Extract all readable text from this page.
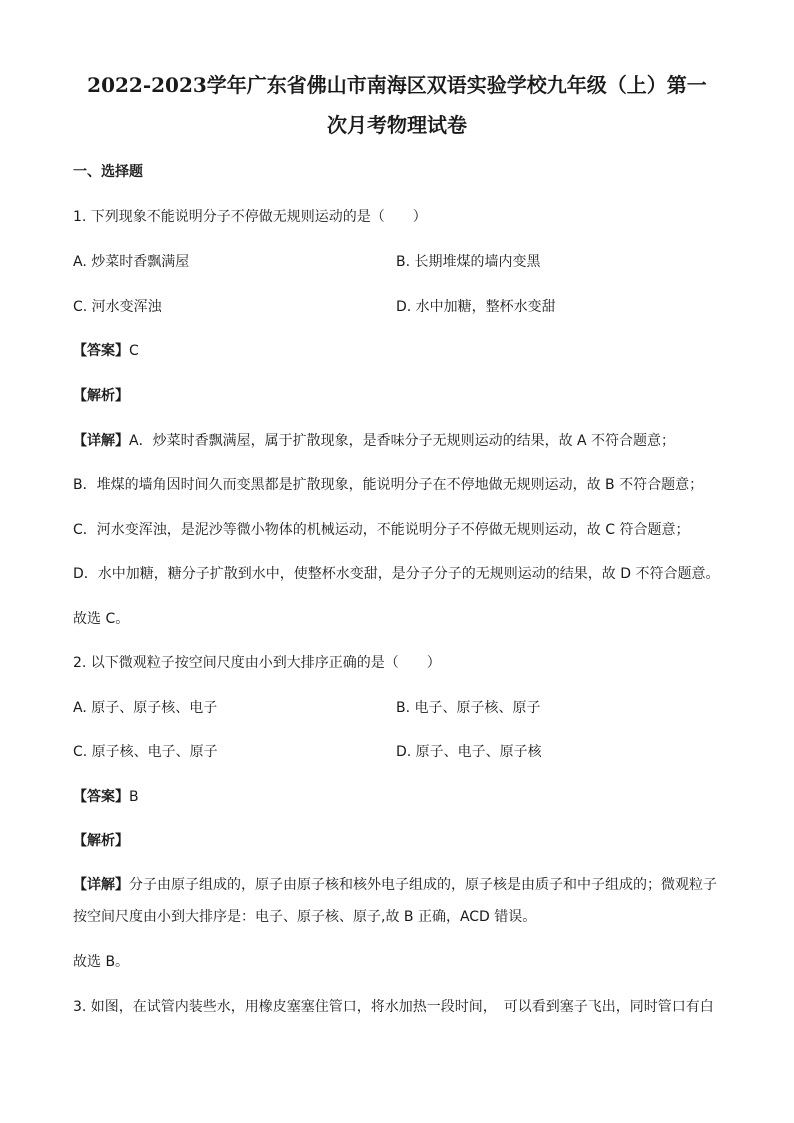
2022-2023学年广东省佛山市南海区双语实验学校九年级（上）第一
次月考物理试卷
一、选择题
1. 下列现象不能说明分子不停做无规则运动的是（　　）
A. 炒菜时香飘满屋	B. 长期堆煤的墙内变黑
C. 河水变浑浊	D. 水中加糖，整杯水变甜
【答案】C
【解析】
【详解】A．炒菜时香飘满屋，属于扩散现象，是香味分子无规则运动的结果，故 A 不符合题意；
B．堆煤的墙角因时间久而变黑都是扩散现象，能说明分子在不停地做无规则运动，故 B 不符合题意；
C．河水变浑浊，是泥沙等微小物体的机械运动，不能说明分子不停做无规则运动，故 C 符合题意；
D．水中加糖，糖分子扩散到水中，使整杯水变甜，是分子分子的无规则运动的结果，故 D 不符合题意。
故选 C。
2. 以下微观粒子按空间尺度由小到大排序正确的是（　　）
A. 原子、原子核、电子	B. 电子、原子核、原子
C. 原子核、电子、原子	D. 原子、电子、原子核
【答案】B
【解析】
【详解】分子由原子组成的，原子由原子核和核外电子组成的，原子核是由质子和中子组成的；微观粒子
按空间尺度由小到大排序是：电子、原子核、原子,故 B 正确，ACD 错误。
故选 B。
3. 如图，在试管内装些水，用橡皮塞塞住管口，将水加热一段时间，　可以看到塞子飞出，同时管口有白
